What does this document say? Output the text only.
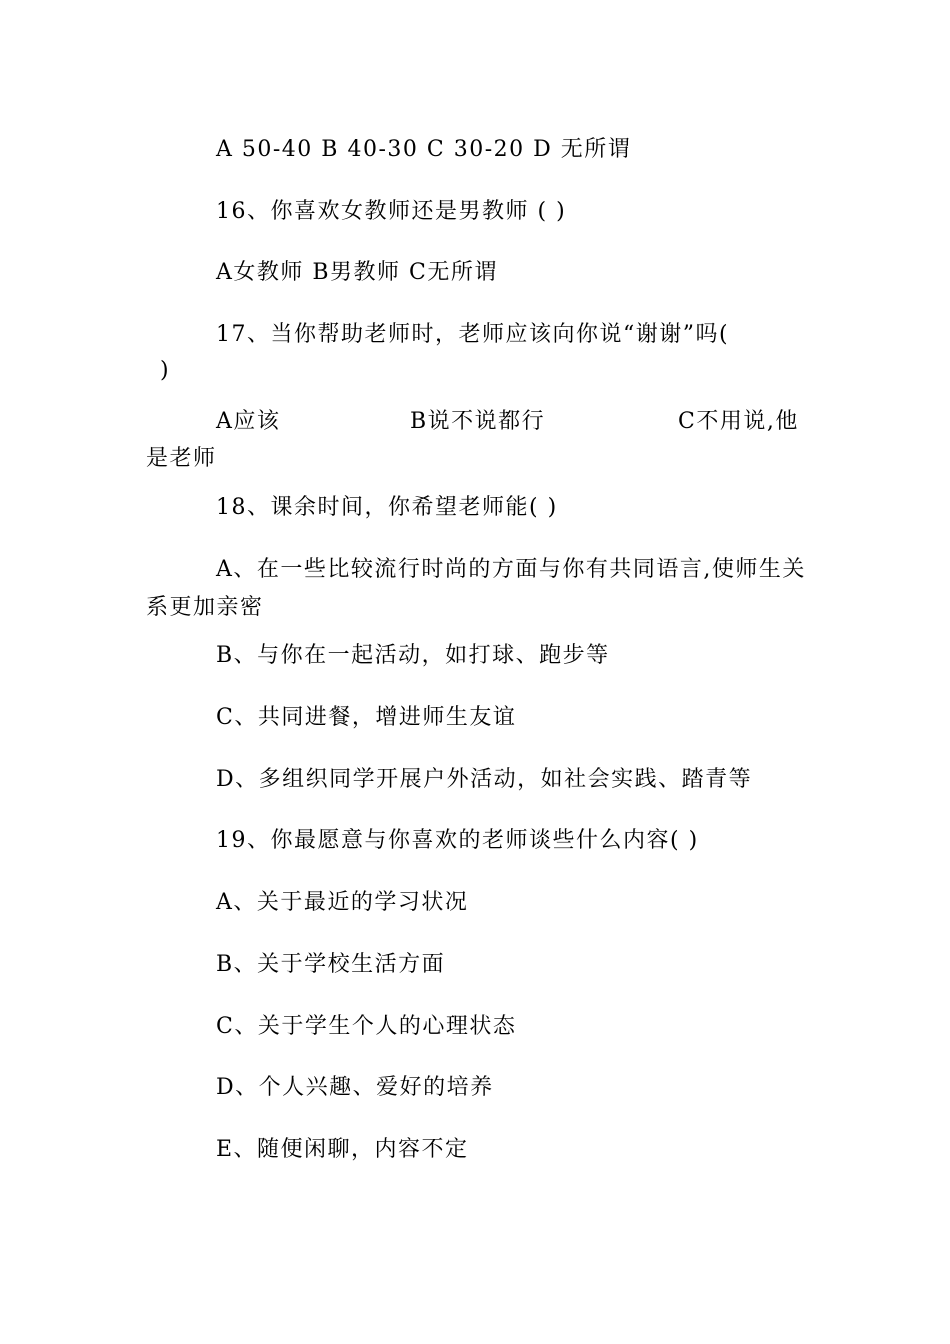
A 50-40 B 40-30 C 30-20 D 无所谓
16、你喜欢女教师还是男教师 ( )
A女教师 B男教师 C无所谓
17、当你帮助老师时，老师应该向你说“谢谢”吗(
)
A应该	B说不说都行	C不用说,他
是老师
18、课余时间，你希望老师能( )
A、在一些比较流行时尚的方面与你有共同语言,使师生关
系更加亲密
B、与你在一起活动，如打球、跑步等
C、共同进餐，增进师生友谊
D、多组织同学开展户外活动，如社会实践、踏青等
19、你最愿意与你喜欢的老师谈些什么内容( )
A、关于最近的学习状况
B、关于学校生活方面
C、关于学生个人的心理状态
D、个人兴趣、爱好的培养
E、随便闲聊，内容不定
